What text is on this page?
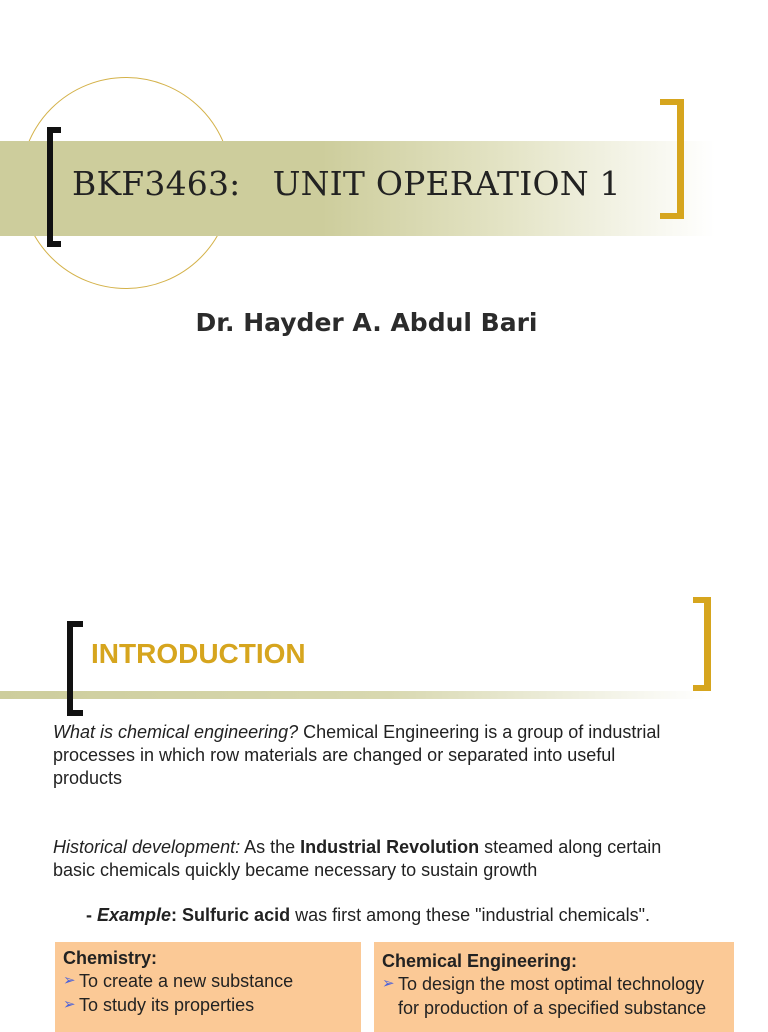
BKF3463: UNIT OPERATION 1
Dr. Hayder A. Abdul Bari
INTRODUCTION
What is chemical engineering? Chemical Engineering is a group of industrial processes in which row materials are changed or separated into useful products
Historical development: As the Industrial Revolution steamed along certain basic chemicals quickly became necessary to sustain growth
- Example: Sulfuric acid was first among these "industrial chemicals".
Chemistry:
➢ To create a new substance
➢ To study its properties
Chemical Engineering:
➢ To design the most optimal technology
for production of a specified substance
